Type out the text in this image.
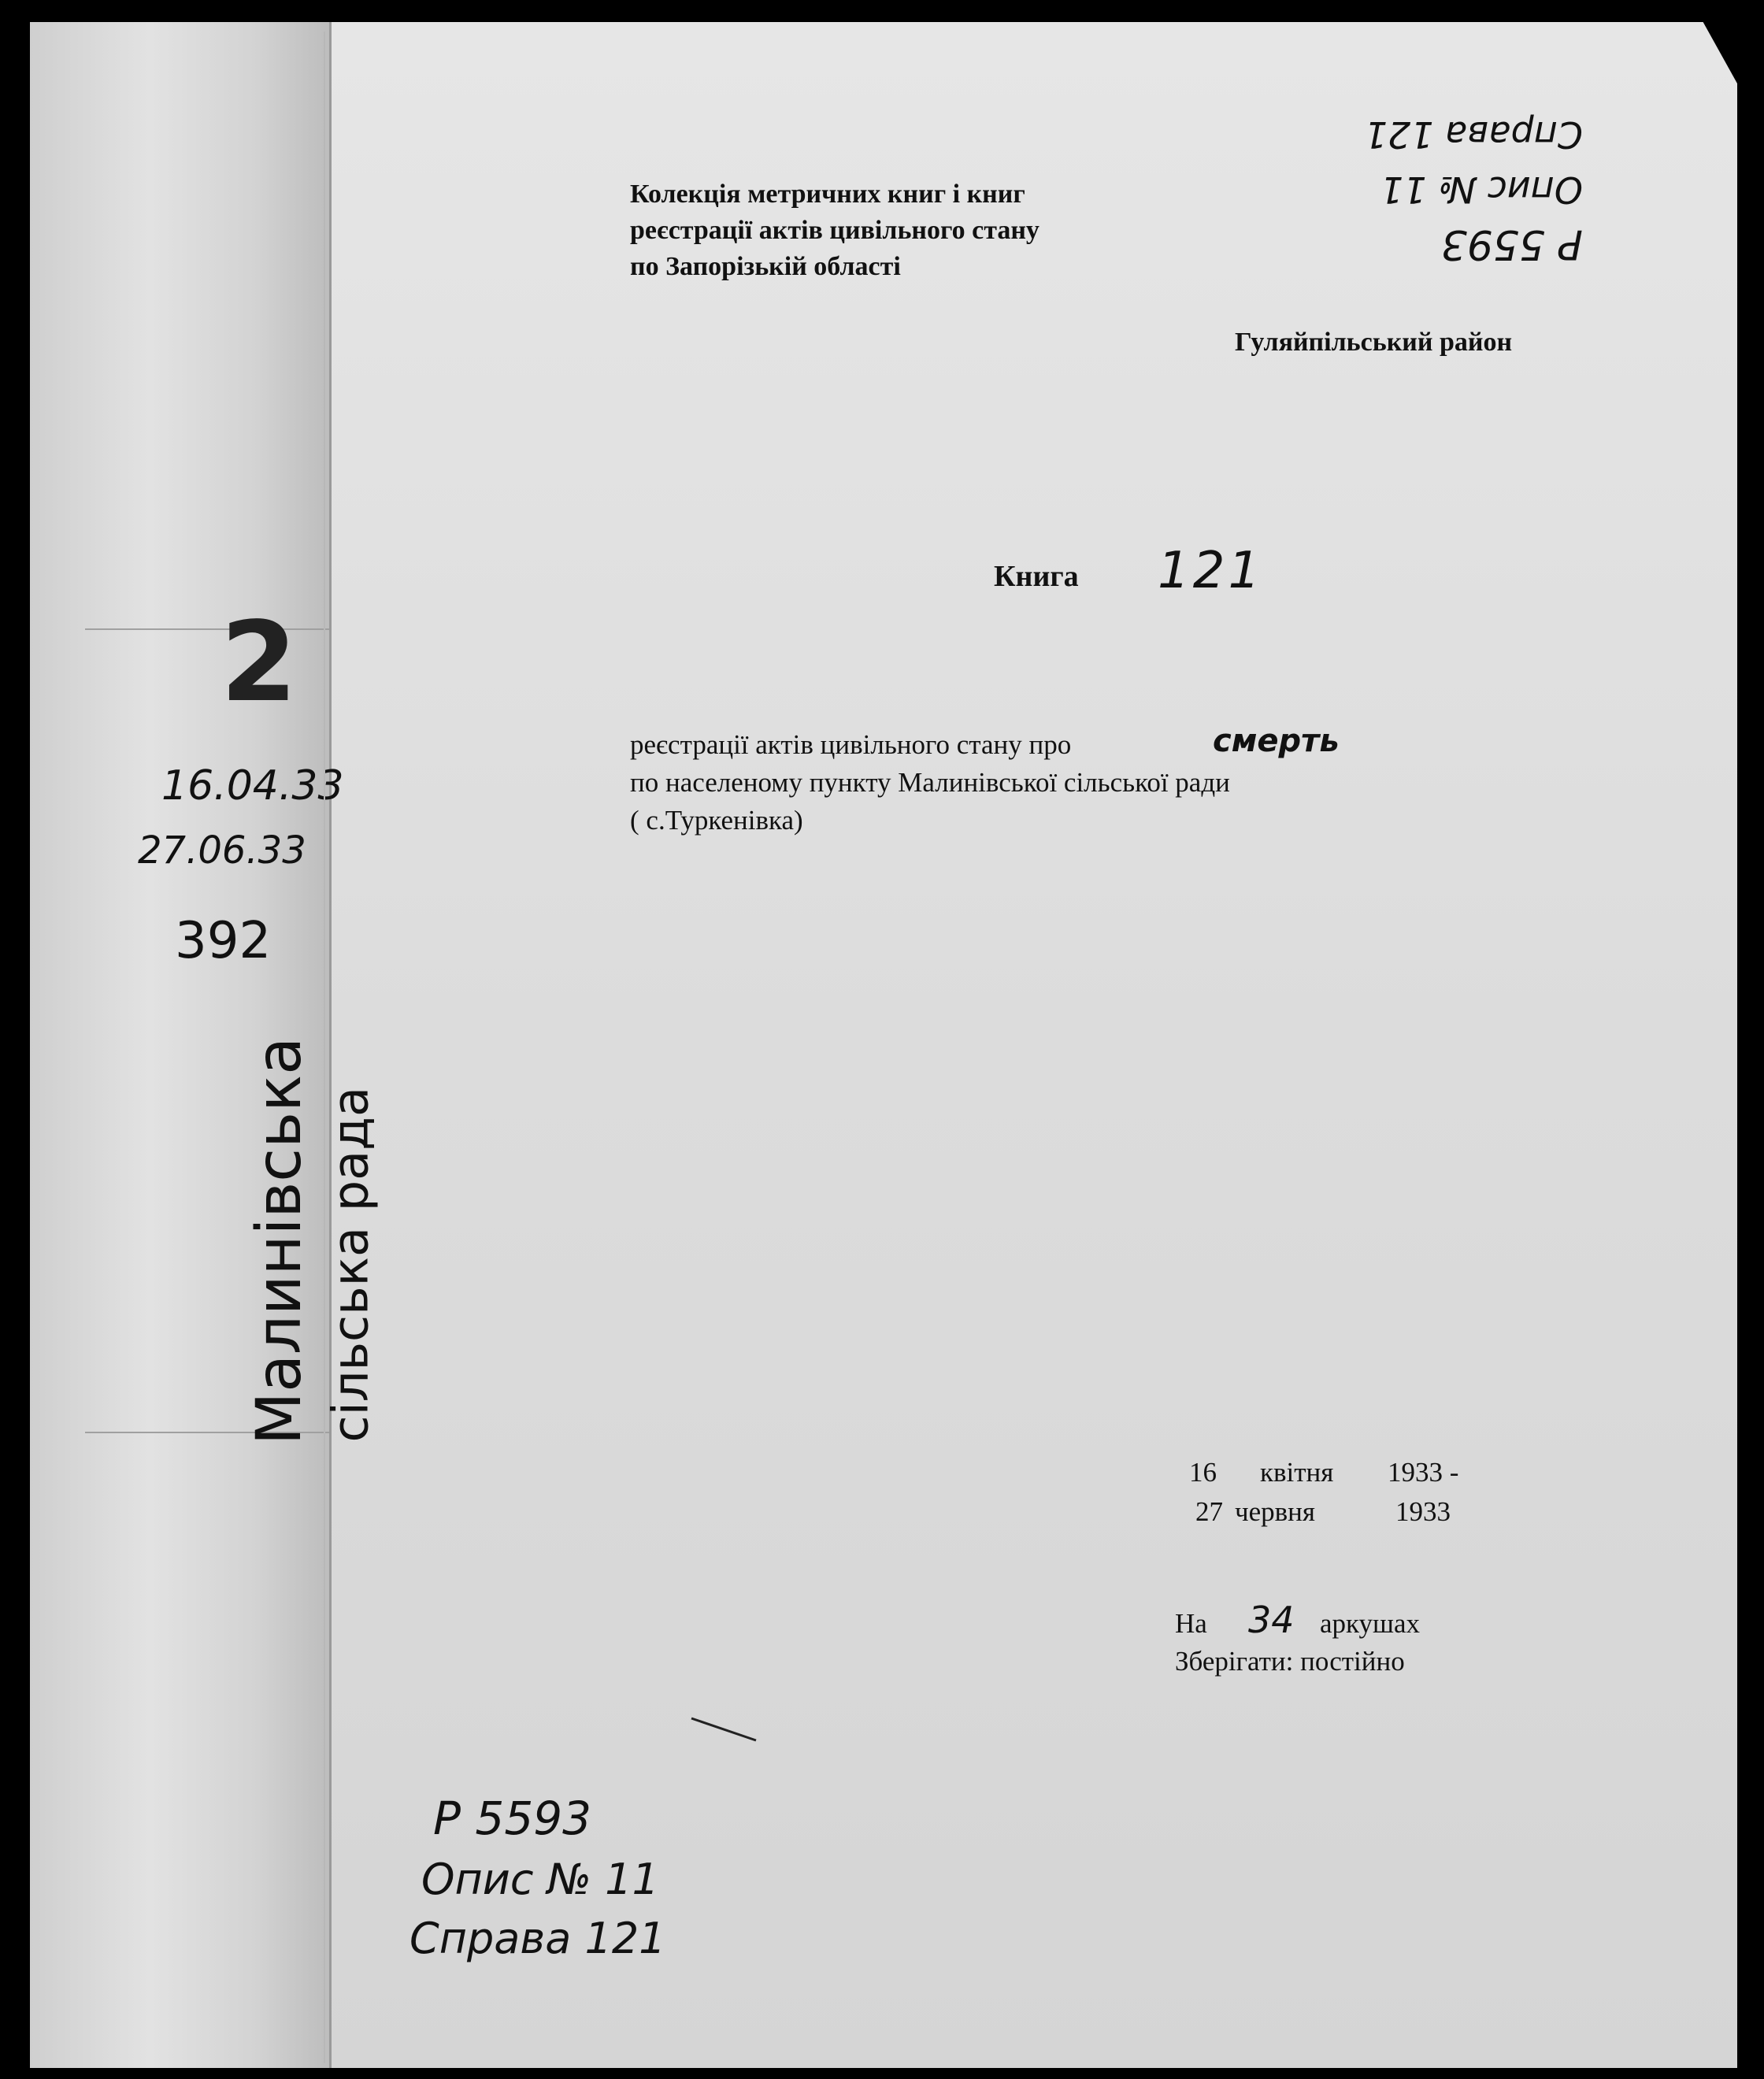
Р 5593
Опис № 11
Справа 121
Колекція метричних книг і книг
реєстрації актів цивільного стану
по Запорізькій області
Гуляйпільський район
Книга 121
реєстрації актів цивільного стану про	смерть
по населеному пункту Малинівської сільської ради
( с.Туркенівка)
16 квітня 1933 -
27 червня	1933
На 34 аркушах
Зберігати: постійно
2
16.04.33
27.06.33
392
Малинівська сільська рада
Р 5593
Опис № 11
Справа 121
